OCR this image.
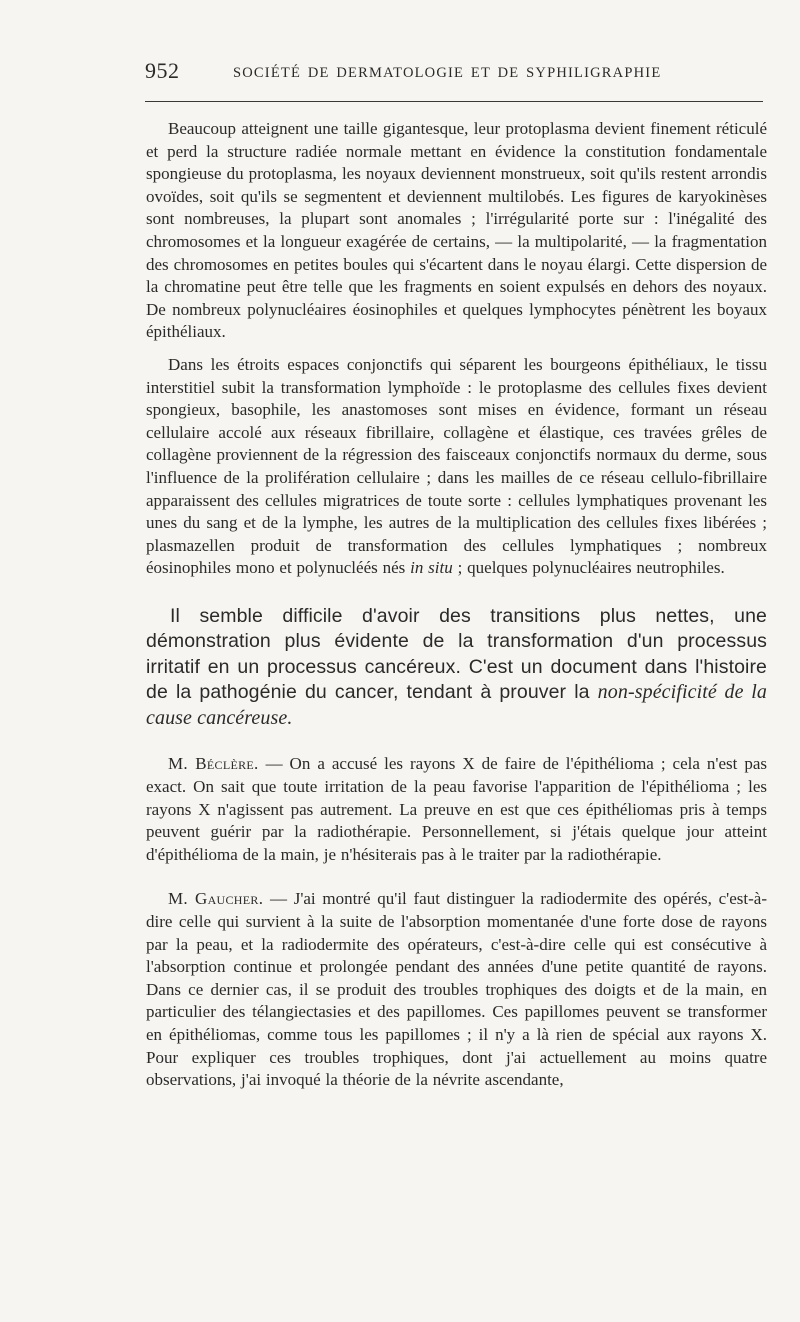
952	SOCIÉTÉ DE DERMATOLOGIE ET DE SYPHILIGRAPHIE

Beaucoup atteignent une taille gigantesque, leur protoplasma devient finement réticulé et perd la structure radiée normale mettant en évidence la constitution fondamentale spongieuse du protoplasma, les noyaux deviennent monstrueux, soit qu'ils restent arrondis ovoïdes, soit qu'ils se segmentent et deviennent multilobés. Les figures de karyokinèses sont nombreuses, la plupart sont anomales ; l'irrégularité porte sur : l'inégalité des chromosomes et la longueur exagérée de certains, — la multipolarité, — la fragmentation des chromosomes en petites boules qui s'écartent dans le noyau élargi. Cette dispersion de la chromatine peut être telle que les fragments en soient expulsés en dehors des noyaux. De nombreux polynucléaires éosinophiles et quelques lymphocytes pénètrent les boyaux épithéliaux.

Dans les étroits espaces conjonctifs qui séparent les bourgeons épithéliaux, le tissu interstitiel subit la transformation lymphoïde : le protoplasme des cellules fixes devient spongieux, basophile, les anastomoses sont mises en évidence, formant un réseau cellulaire accolé aux réseaux fibrillaire, collagène et élastique, ces travées grêles de collagène proviennent de la régression des faisceaux conjonctifs normaux du derme, sous l'influence de la prolifération cellulaire ; dans les mailles de ce réseau cellulo-fibrillaire apparaissent des cellules migratrices de toute sorte : cellules lymphatiques provenant les unes du sang et de la lymphe, les autres de la multiplication des cellules fixes libérées ; plasmazellen produit de transformation des cellules lymphatiques ; nombreux éosinophiles mono et polynucléés nés in situ ; quelques polynucléaires neutrophiles.

Il semble difficile d'avoir des transitions plus nettes, une démonstration plus évidente de la transformation d'un processus irritatif en un processus cancéreux. C'est un document dans l'histoire de la pathogénie du cancer, tendant à prouver la non-spécificité de la cause cancéreuse.

M. Béclère. — On a accusé les rayons X de faire de l'épithélioma ; cela n'est pas exact. On sait que toute irritation de la peau favorise l'apparition de l'épithélioma ; les rayons X n'agissent pas autrement. La preuve en est que ces épithéliomas pris à temps peuvent guérir par la radiothérapie. Personnellement, si j'étais quelque jour atteint d'épithélioma de la main, je n'hésiterais pas à le traiter par la radiothérapie.

M. Gaucher. — J'ai montré qu'il faut distinguer la radiodermite des opérés, c'est-à-dire celle qui survient à la suite de l'absorption momentanée d'une forte dose de rayons par la peau, et la radiodermite des opérateurs, c'est-à-dire celle qui est consécutive à l'absorption continue et prolongée pendant des années d'une petite quantité de rayons. Dans ce dernier cas, il se produit des troubles trophiques des doigts et de la main, en particulier des télangiectasies et des papillomes. Ces papillomes peuvent se transformer en épithéliomas, comme tous les papillomes ; il n'y a là rien de spécial aux rayons X. Pour expliquer ces troubles trophiques, dont j'ai actuellement au moins quatre observations, j'ai invoqué la théorie de la névrite ascendante,
